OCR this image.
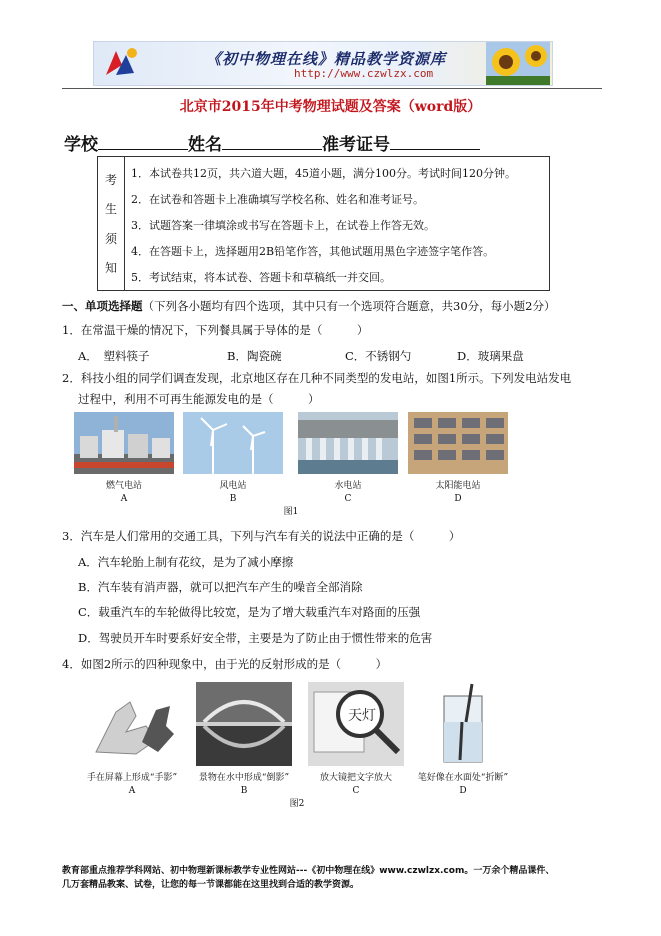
《初中物理在线》精品教学资源库
http://www.czwlzx.com
北京市2015年中考物理试题及答案（word版）
学校	姓名	准考证号
考
生
须
知
1．本试卷共12页，共六道大题，45道小题，满分100分。考试时间120分钟。
2．在试卷和答题卡上准确填写学校名称、姓名和准考证号。
3．试题答案一律填涂或书写在答题卡上，在试卷上作答无效。
4．在答题卡上，选择题用2B铅笔作答，其他试题用黑色字迹签字笔作答。
5．考试结束，将本试卷、答题卡和草稿纸一并交回。
一、单项选择题（下列各小题均有四个选项，其中只有一个选项符合题意，共30分，每小题2分）
1．在常温干燥的情况下，下列餐具属于导体的是（　　　）
A．　塑料筷子	B．陶瓷碗	C．不锈钢勺	D．玻璃果盘
2．科技小组的同学们调查发现，北京地区存在几种不同类型的发电站，如图1所示。下列发电站发电
过程中，利用不可再生能源发电的是（　　　）
燃气电站	风电站	水电站	太阳能电站
A	B	C	D
图1
3．汽车是人们常用的交通工具，下列与汽车有关的说法中正确的是（　　　）
A．汽车轮胎上制有花纹，是为了减小摩擦
B．汽车装有消声器，就可以把汽车产生的噪音全部消除
C．载重汽车的车轮做得比较宽，是为了增大载重汽车对路面的压强
D．驾驶员开车时要系好安全带，主要是为了防止由于惯性带来的危害
4．如图2所示的四种现象中，由于光的反射形成的是（　　　）
天灯
手在屏幕上形成“手影”	景物在水中形成“倒影”	放大镜把文字放大	笔好像在水面处“折断”
A	B	C	D
图2
教育部重点推荐学科网站、初中物理新课标教学专业性网站---《初中物理在线》www.czwlzx.com。一万余个精品课件、
几万套精品教案、试卷，让您的每一节课都能在这里找到合适的教学资源。
